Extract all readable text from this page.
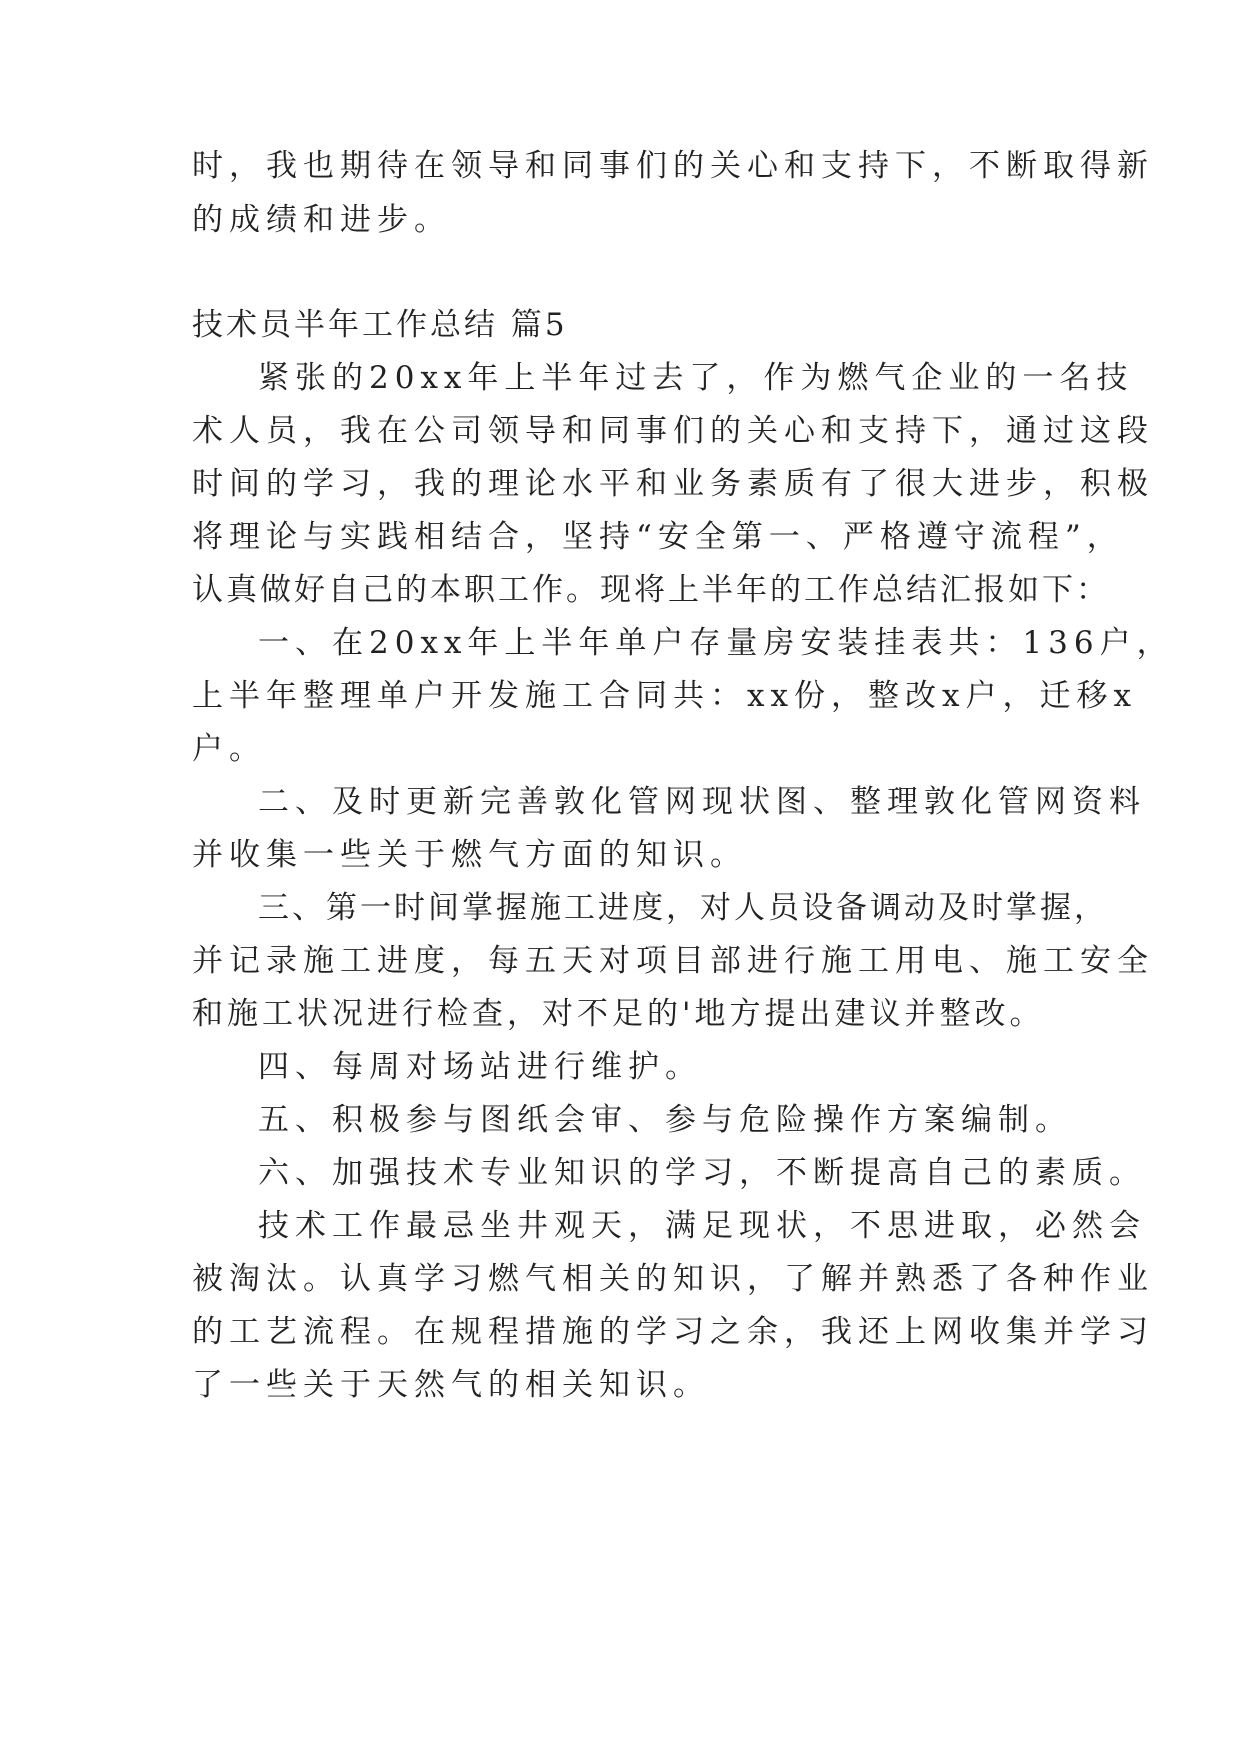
时，我也期待在领导和同事们的关心和支持下，不断取得新
的成绩和进步。
技术员半年工作总结 篇5
紧张的20xx年上半年过去了，作为燃气企业的一名技
术人员，我在公司领导和同事们的关心和支持下，通过这段
时间的学习，我的理论水平和业务素质有了很大进步，积极
将理论与实践相结合，坚持“安全第一、严格遵守流程”，
认真做好自己的本职工作。现将上半年的工作总结汇报如下：
一、在20xx年上半年单户存量房安装挂表共：136户，
上半年整理单户开发施工合同共：xx份，整改x户，迁移x
户。
二、及时更新完善敦化管网现状图、整理敦化管网资料
并收集一些关于燃气方面的知识。
三、第一时间掌握施工进度，对人员设备调动及时掌握，
并记录施工进度，每五天对项目部进行施工用电、施工安全
和施工状况进行检查，对不足的'地方提出建议并整改。
四、每周对场站进行维护。
五、积极参与图纸会审、参与危险操作方案编制。
六、加强技术专业知识的学习，不断提高自己的素质。
技术工作最忌坐井观天，满足现状，不思进取，必然会
被淘汰。认真学习燃气相关的知识，了解并熟悉了各种作业
的工艺流程。在规程措施的学习之余，我还上网收集并学习
了一些关于天然气的相关知识。
